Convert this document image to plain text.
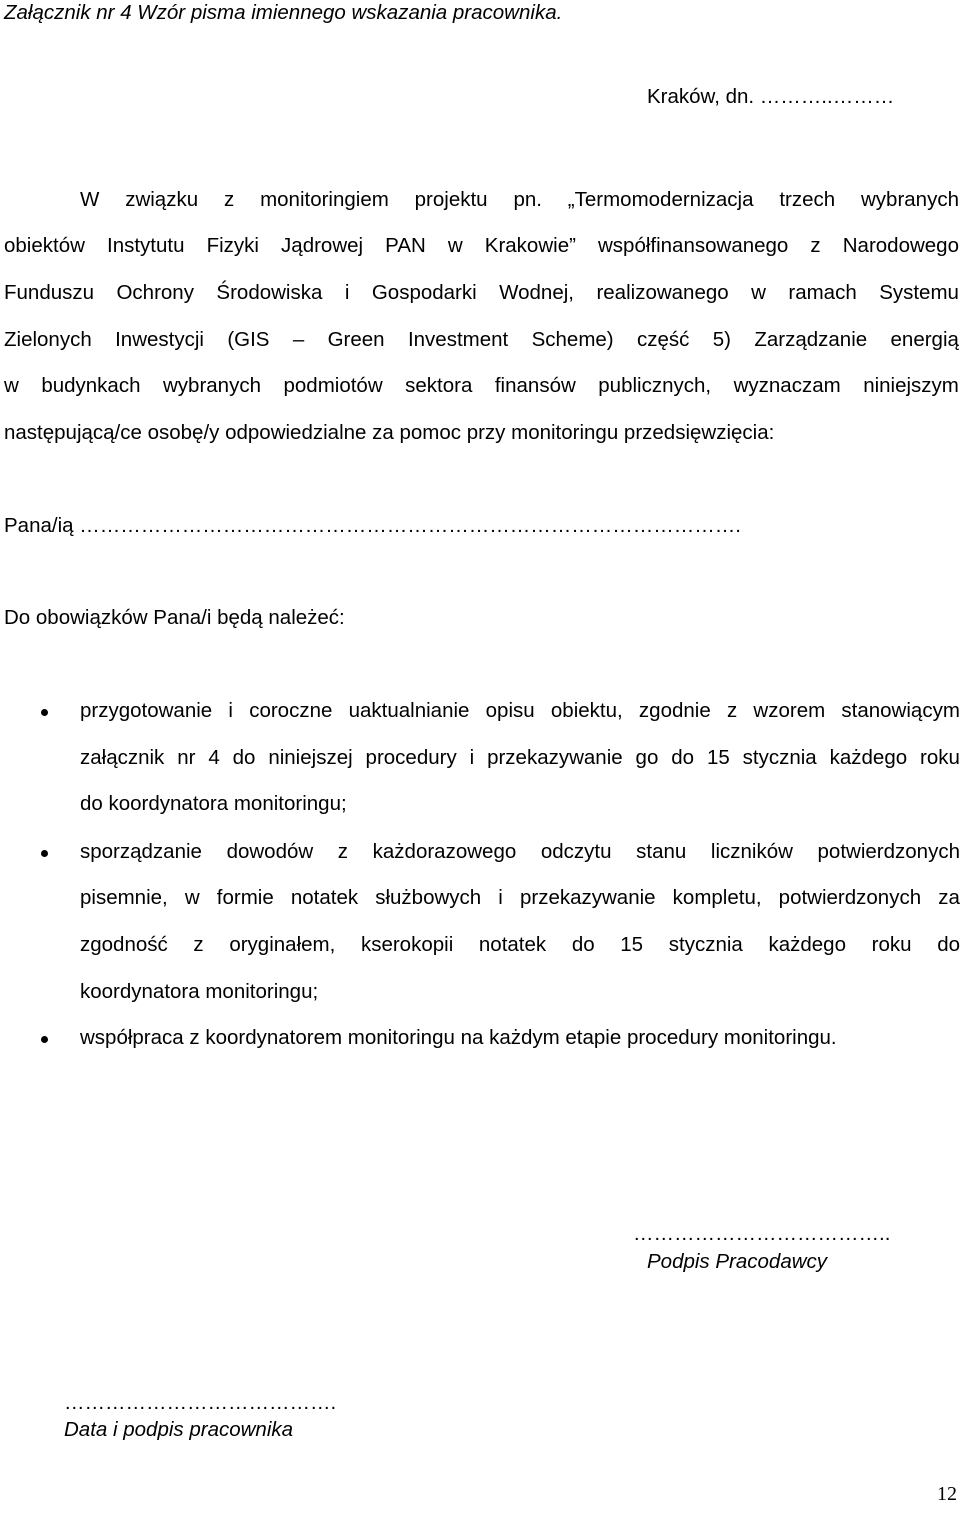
Załącznik nr 4 Wzór pisma imiennego wskazania pracownika.
Kraków, dn. ………..………
W związku z monitoringiem projektu pn. „Termomodernizacja trzech wybranych
obiektów Instytutu Fizyki Jądrowej PAN w Krakowie” współfinansowanego z Narodowego
Funduszu Ochrony Środowiska i Gospodarki Wodnej, realizowanego w ramach Systemu
Zielonych Inwestycji (GIS – Green Investment Scheme) część 5) Zarządzanie energią
w budynkach wybranych podmiotów sektora finansów publicznych, wyznaczam niniejszym
następującą/ce osobę/y odpowiedzialne za pomoc przy monitoringu przedsięwzięcia:
Pana/ią …………………………………………………………………………………….
Do obowiązków Pana/i będą należeć:
przygotowanie i coroczne uaktualnianie opisu obiektu, zgodnie z wzorem stanowiącym
załącznik nr 4 do niniejszej procedury i przekazywanie go do 15 stycznia każdego roku
do koordynatora monitoringu;
sporządzanie dowodów z każdorazowego odczytu stanu liczników potwierdzonych
pisemnie, w formie notatek służbowych i przekazywanie kompletu, potwierdzonych za
zgodność z oryginałem, kserokopii notatek do 15 stycznia każdego roku do
koordynatora monitoringu;
współpraca z koordynatorem monitoringu na każdym etapie procedury monitoringu.
………………………………..
Podpis Pracodawcy
………………………………….
Data i podpis pracownika
12
